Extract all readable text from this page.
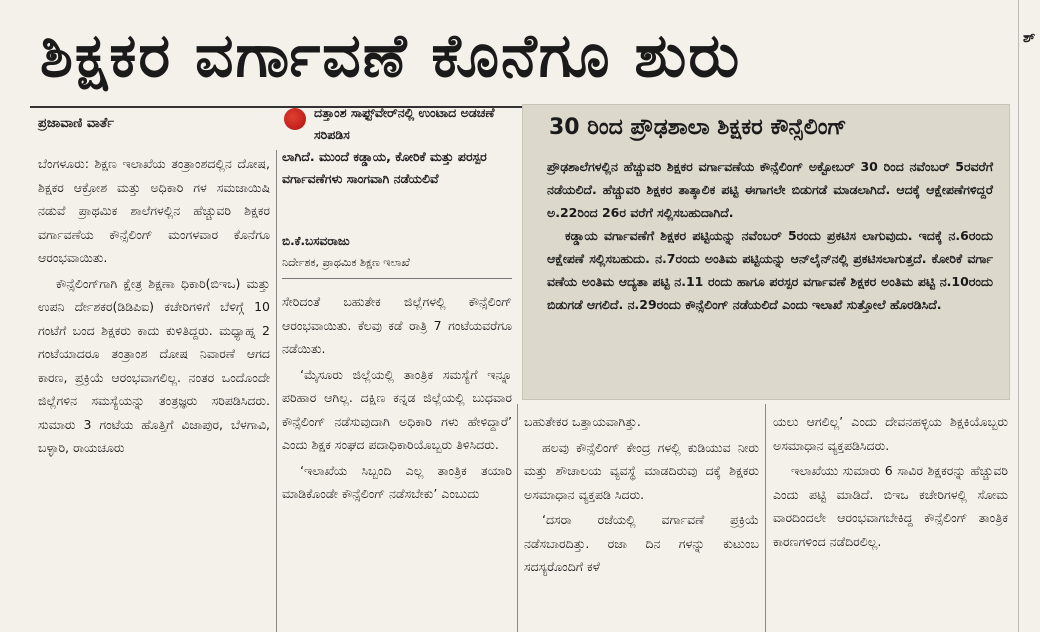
ಶಿಕ್ಷಕರ ವರ್ಗಾವಣೆ ಕೊನೆಗೂ ಶುರು
ಪ್ರಜಾವಾಣಿ ವಾರ್ತೆ

ಬೆಂಗಳೂರು: ಶಿಕ್ಷಣ ಇಲಾಖೆಯ ತಂತ್ರಾಂಶದಲ್ಲಿನ ದೋಷ, ಶಿಕ್ಷಕರ ಆಕ್ರೋಶ ಮತ್ತು ಅಧಿಕಾರಿ ಗಳ ಸಮಜಾಯಿಷಿ ನಡುವೆ ಪ್ರಾಥಮಿಕ ಶಾಲೆಗಳಲ್ಲಿನ ಹೆಚ್ಚುವರಿ ಶಿಕ್ಷಕರ ವರ್ಗಾವಣೆಯ ಕೌನ್ಸೆಲಿಂಗ್ ಮಂಗಳವಾರ ಕೊನೆಗೂ ಆರಂಭವಾಯಿತು.

ಕೌನ್ಸೆಲಿಂಗ್‌ಗಾಗಿ ಕ್ಷೇತ್ರ ಶಿಕ್ಷಣಾ ಧಿಕಾರಿ(ಬಿಇಒ) ಮತ್ತು ಉಪನಿ ರ್ದೇಶಕರ(ಡಿಡಿಪಿಐ) ಕಚೇರಿಗಳಿಗೆ ಬೆಳಿಗ್ಗೆ 10 ಗಂಟೆಗೆ ಬಂದ ಶಿಕ್ಷಕರು ಕಾದು ಕುಳಿತಿದ್ದರು. ಮಧ್ಯಾಹ್ನ 2 ಗಂಟೆಯಾದರೂ ತಂತ್ರಾಂಶ ದೋಷ ನಿವಾರಣೆ ಆಗದ ಕಾರಣ, ಪ್ರಕ್ರಿಯೆ ಆರಂಭವಾಗಲಿಲ್ಲ. ನಂತರ ಒಂದೊಂದೇ ಜಿಲ್ಲೆಗಳಿನ ಸಮಸ್ಯೆಯನ್ನು ತಂತ್ರಜ್ಞರು ಸರಿಪಡಿಸಿದರು. ಸುಮಾರು 3 ಗಂಟೆಯ ಹೊತ್ತಿಗೆ ವಿಜಾಪುರ, ಬೆಳಗಾವಿ, ಬಳ್ಳಾರಿ, ರಾಯಚೂರು

ದತ್ತಾಂಶ ಸಾಫ್ಟ್‌ವೇರ್‌ನಲ್ಲಿ ಉಂಟಾದ ಅಡಚಣೆ ಸರಿಪಡಿಸ
ಲಾಗಿದೆ. ಮುಂದೆ ಕಡ್ಡಾಯ, ಕೋರಿಕೆ ಮತ್ತು ಪರಸ್ಪರ ವರ್ಗಾವಣೆಗಳು ಸಾಂಗವಾಗಿ ನಡೆಯಲಿವೆ
ಬಿ.ಕೆ.ಬಸವರಾಜು
ನಿರ್ದೇಶಕ, ಪ್ರಾಥಮಿಕ ಶಿಕ್ಷಣ ಇಲಾಖೆ

ಸೇರಿದಂತೆ ಬಹುತೇಕ ಜಿಲ್ಲೆಗಳಲ್ಲಿ ಕೌನ್ಸೆಲಿಂಗ್ ಆರಂಭವಾಯಿತು. ಕೆಲವು ಕಡೆ ರಾತ್ರಿ 7 ಗಂಟೆಯವರೆಗೂ ನಡೆಯಿತು.

‘ಮೈಸೂರು ಜಿಲ್ಲೆಯಲ್ಲಿ ತಾಂತ್ರಿಕ ಸಮಸ್ಯೆಗೆ ಇನ್ನೂ ಪರಿಹಾರ ಆಗಿಲ್ಲ. ದಕ್ಷಿಣ ಕನ್ನಡ ಜಿಲ್ಲೆಯಲ್ಲಿ ಬುಧವಾರ ಕೌನ್ಸೆಲಿಂಗ್ ನಡೆಸುವುದಾಗಿ ಅಧಿಕಾರಿ ಗಳು ಹೇಳಿದ್ದಾರೆ’ ಎಂದು ಶಿಕ್ಷಕ ಸಂಘದ ಪದಾಧಿಕಾರಿಯೊಬ್ಬರು ತಿಳಿಸಿದರು.

‘ಇಲಾಖೆಯ ಸಿಬ್ಬಂದಿ ಎಲ್ಲ ತಾಂತ್ರಿಕ ತಯಾರಿ ಮಾಡಿಕೊಂಡೇ ಕೌನ್ಸೆಲಿಂಗ್ ನಡೆಸಬೇಕು’ ಎಂಬುದು

30 ರಿಂದ ಪ್ರೌಢಶಾಲಾ ಶಿಕ್ಷಕರ ಕೌನ್ಸೆಲಿಂಗ್

ಪ್ರೌಢಶಾಲೆಗಳಲ್ಲಿನ ಹೆಚ್ಚುವರಿ ಶಿಕ್ಷಕರ ವರ್ಗಾವಣೆಯ ಕೌನ್ಸೆಲಿಂಗ್ ಅಕ್ಟೋಬರ್ 30 ರಿಂದ ನವೆಂಬರ್ 5ರವರೆಗೆ ನಡೆಯಲಿದೆ. ಹೆಚ್ಚುವರಿ ಶಿಕ್ಷಕರ ತಾತ್ಕಾಲಿಕ ಪಟ್ಟಿ ಈಗಾಗಲೇ ಬಿಡುಗಡೆ ಮಾಡಲಾಗಿದೆ. ಆದಕ್ಕೆ ಆಕ್ಷೇಪಣೆಗಳಿದ್ದರೆ ಅ.22ರಿಂದ 26ರ ವರೆಗೆ ಸಲ್ಲಿಸಬಹುದಾಗಿದೆ.

ಕಡ್ಡಾಯ ವರ್ಗಾವಣೆಗೆ ಶಿಕ್ಷಕರ ಪಟ್ಟಿಯನ್ನು ನವೆಂಬರ್ 5ರಂದು ಪ್ರಕಟಿಸ ಲಾಗುವುದು. ಇದಕ್ಕೆ ನ.6ರಂದು ಆಕ್ಷೇಪಣೆ ಸಲ್ಲಿಸಬಹುದು. ನ.7ರಂದು ಅಂತಿಮ ಪಟ್ಟಿಯನ್ನು ಆನ್‌ಲೈನ್‌ನಲ್ಲಿ ಪ್ರಕಟಿಸಲಾಗುತ್ತದೆ. ಕೋರಿಕೆ ವರ್ಗಾ ವಣೆಯ ಅಂತಿಮ ಆದ್ಯತಾ ಪಟ್ಟಿ ನ.11 ರಂದು ಹಾಗೂ ಪರಸ್ಪರ ವರ್ಗಾವಣೆ ಶಿಕ್ಷಕರ ಅಂತಿಮ ಪಟ್ಟಿ ನ.10ರಂದು ಬಿಡುಗಡೆ ಆಗಲಿದೆ. ನ.29ರಂದು ಕೌನ್ಸೆಲಿಂಗ್ ನಡೆಯಲಿದೆ ಎಂದು ಇಲಾಖೆ ಸುತ್ತೋಲೆ ಹೊರಡಿಸಿದೆ.

ಬಹುತೇಕರ ಒತ್ತಾಯವಾಗಿತ್ತು.

ಹಲವು ಕೌನ್ಸೆಲಿಂಗ್ ಕೇಂದ್ರ ಗಳಲ್ಲಿ ಕುಡಿಯುವ ನೀರು ಮತ್ತು ಶೌಚಾಲಯ ವ್ಯವಸ್ಥೆ ಮಾಡದಿರುವು ದಕ್ಕೆ ಶಿಕ್ಷಕರು ಅಸಮಾಧಾನ ವ್ಯಕ್ತಪಡಿ ಸಿದರು.

‘ದಸರಾ ರಜೆಯಲ್ಲಿ ವರ್ಗಾವಣೆ ಪ್ರಕ್ರಿಯೆ ನಡೆಸಬಾರದಿತ್ತು. ರಜಾ ದಿನ ಗಳನ್ನು ಕುಟುಂಬ ಸದಸ್ಯರೊಂದಿಗೆ ಕಳೆ

ಯಲು ಆಗಲಿಲ್ಲ’ ಎಂದು ದೇವನಹಳ್ಳಿಯ ಶಿಕ್ಷಕಿಯೊಬ್ಬರು ಅಸಮಾಧಾನ ವ್ಯಕ್ತಪಡಿಸಿದರು.

ಇಲಾಖೆಯು ಸುಮಾರು 6 ಸಾವಿರ ಶಿಕ್ಷಕರನ್ನು ಹೆಚ್ಚುವರಿ ಎಂದು ಪಟ್ಟಿ ಮಾಡಿದೆ. ಬಿಇಒ ಕಚೇರಿಗಳಲ್ಲಿ ಸೋಮ ವಾರದಿಂದಲೇ ಆರಂಭವಾಗಬೇಕಿದ್ದ ಕೌನ್ಸೆಲಿಂಗ್ ತಾಂತ್ರಿಕ ಕಾರಣಗಳಿಂದ ನಡೆದಿರಲಿಲ್ಲ.

ಶ್
